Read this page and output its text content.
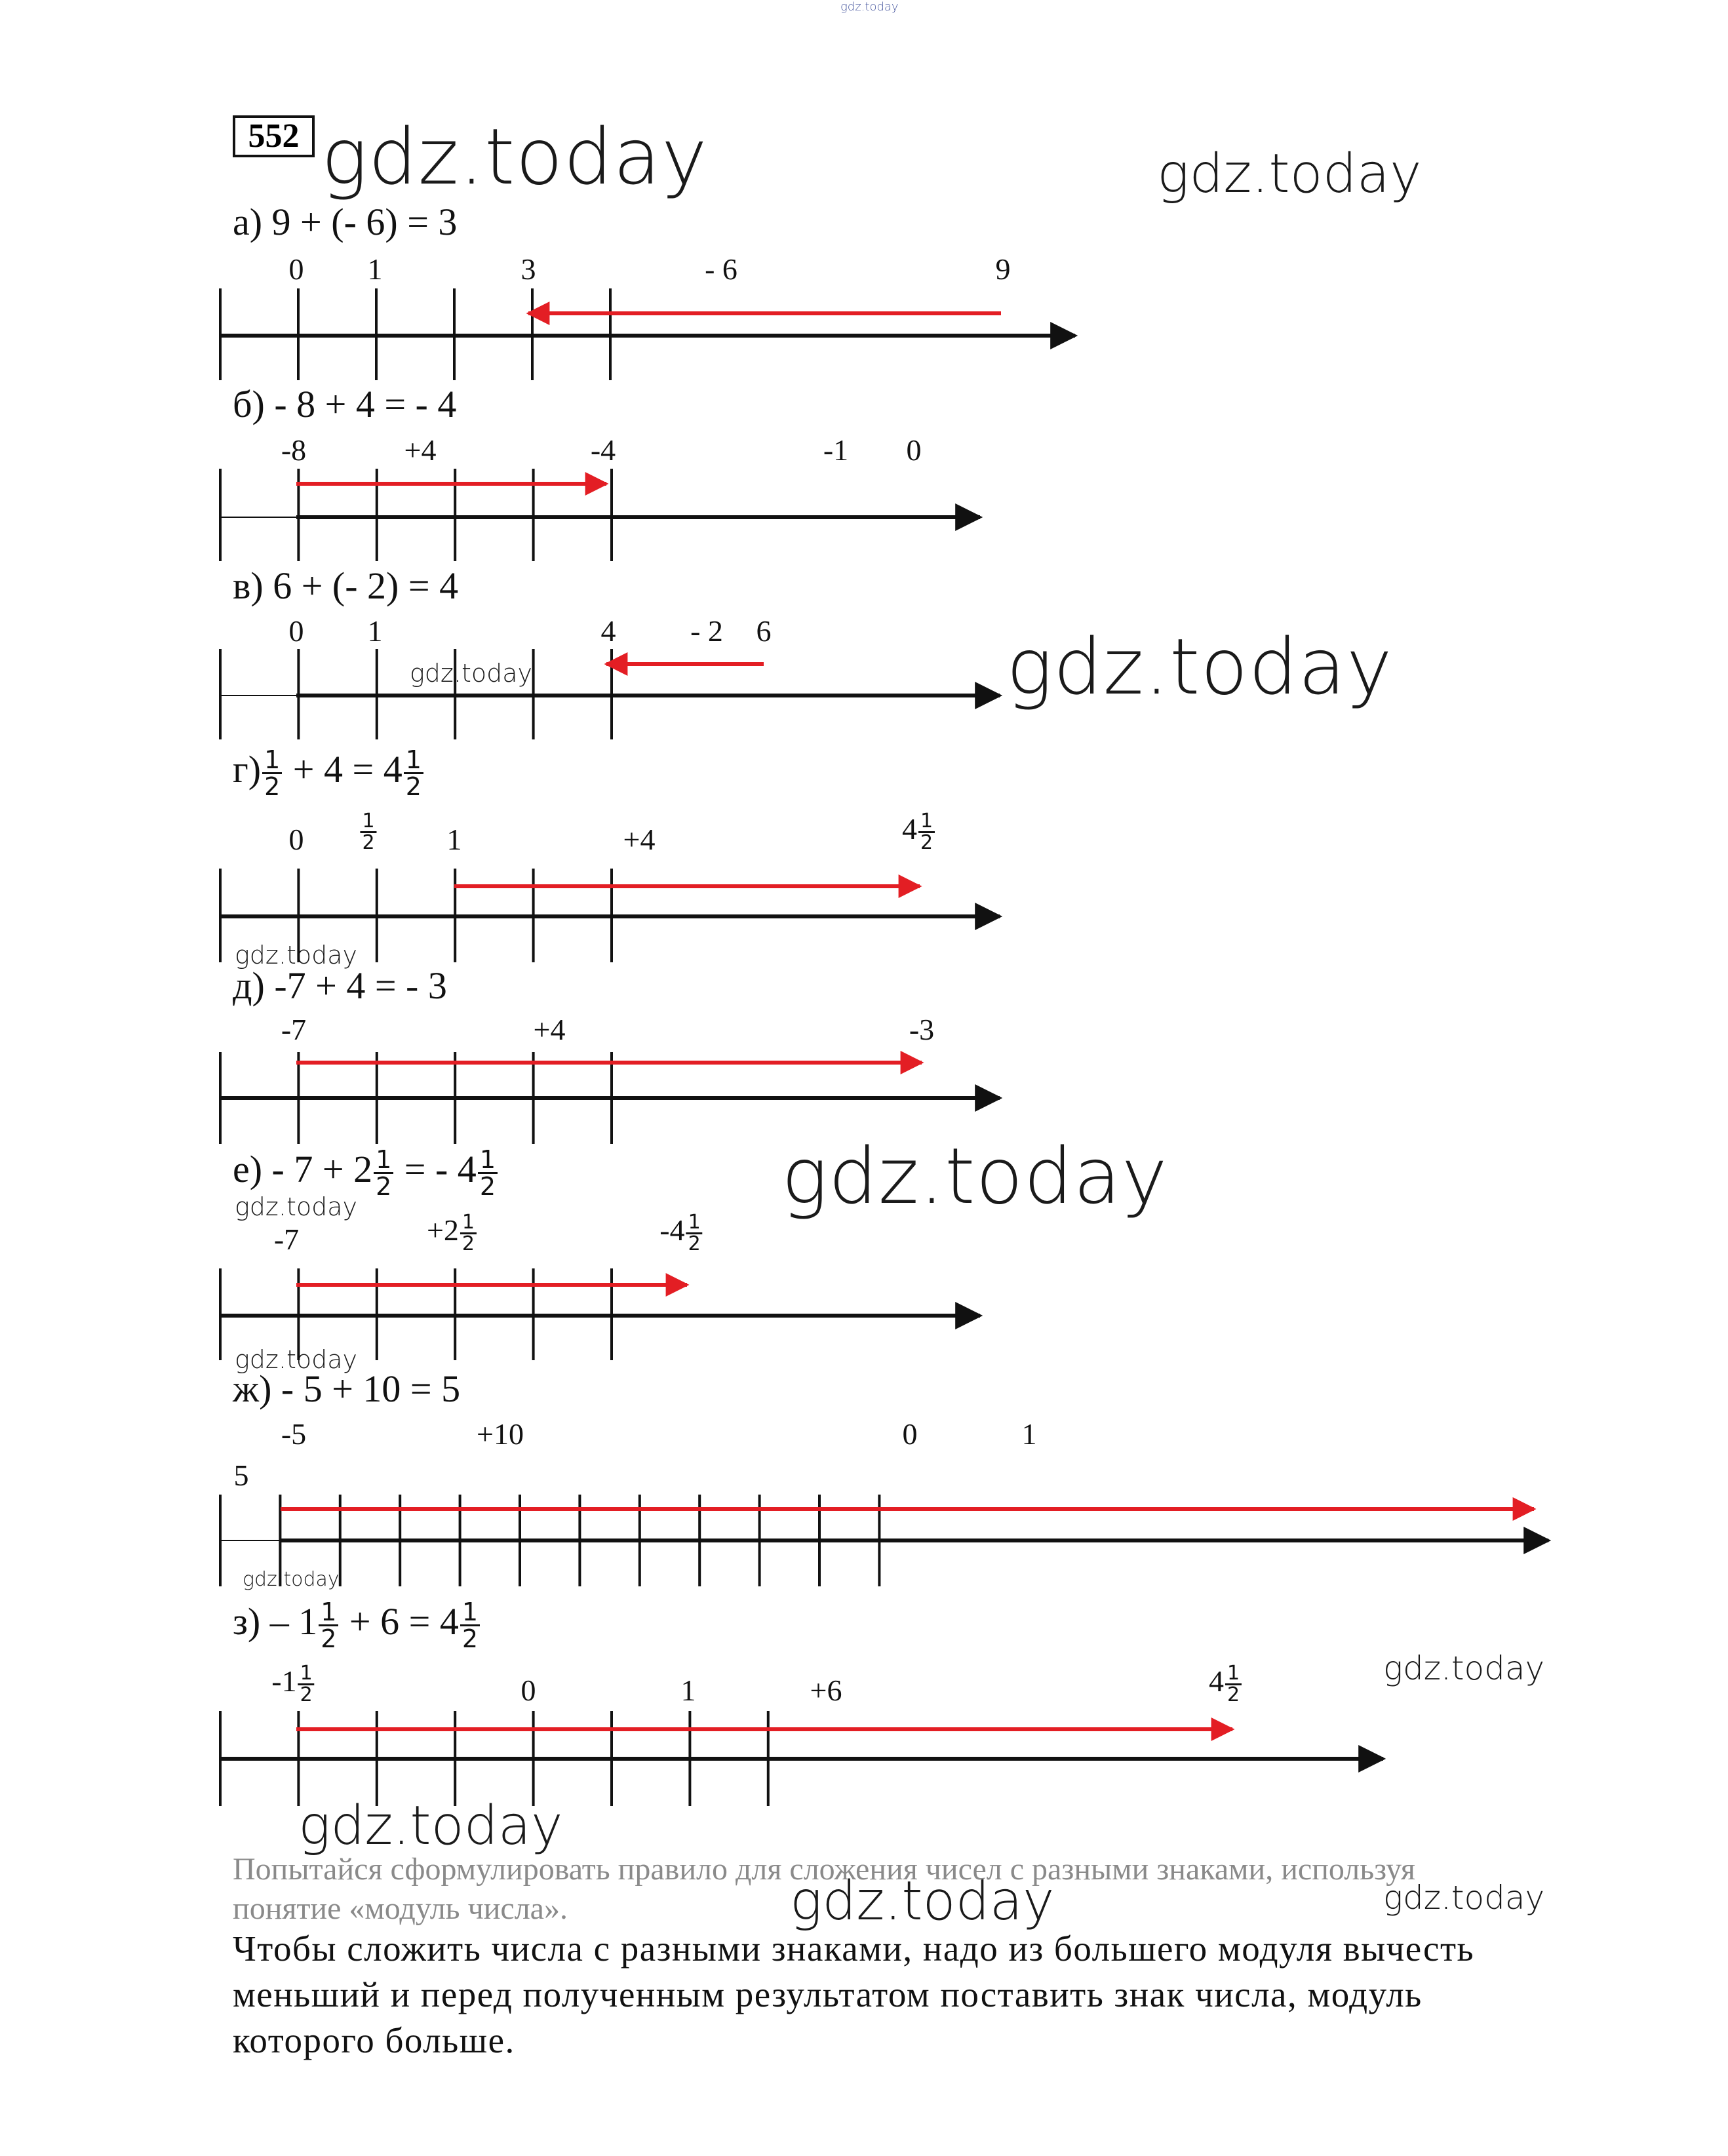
gdz.today
552 gdz.today	gdz.today
gdz.today
gdz.today
gdz.today
gdz.today
gdz.today	gdz.today
gdz.today
gdz.today
gdz.today
gdz.today
gdz.today
а) 9 + (- 6) = 3
0 1	3	- 6	9
б) - 8 + 4 = - 4
-8	+4	-4	-1 0
в) 6 + (- 2) = 4
0 1	4 - 2 6
$г) \frac{1}{2} + 4 = 4 \frac{1}{2}$
0	$\frac{1}{2} 1$	+4	$4 \frac{1}{2}$
д) -7 + 4 = - 3
-7	+4	-3
$е) - 7 + 2 \frac{1}{2}$ = - $4 \frac{1}{2}$
-7	$+2 \frac{1}{2}$	$-4 \frac{1}{2}$
ж) - 5 + 10 = 5
-5	+10	0	1
5
$з) - 1 \frac{1}{2} + 6 = 4 \frac{1}{2}$
$-1 \frac{1}{2}$	0	1	+6	$4 \frac{1}{2}$
Попытайся сформулировать правило для сложения чисел с разными знаками, используя понятие «модуль числа».
Чтобы сложить числа с разными знаками, надо из большего модуля вычесть меньший и перед полученным результатом поставить знак числа, модуль которого больше.
